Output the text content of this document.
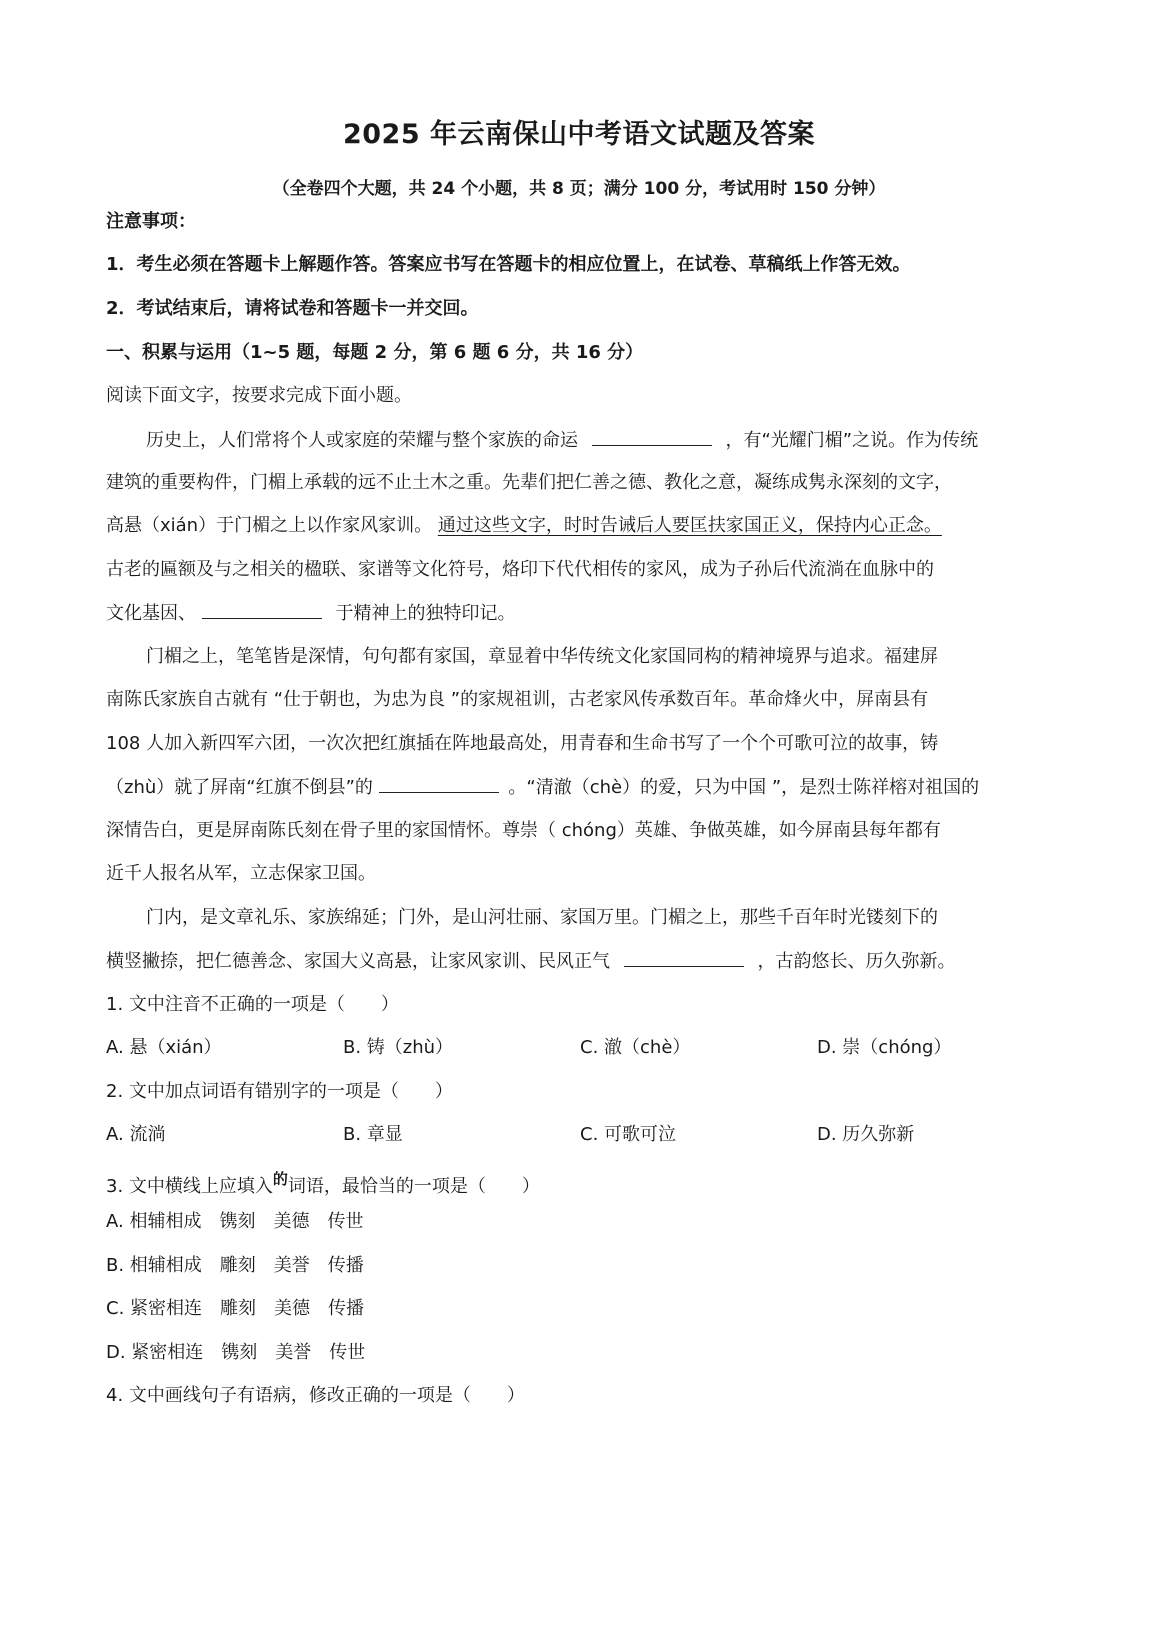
2025 年云南保山中考语文试题及答案
（全卷四个大题，共 24 个小题，共 8 页；满分 100 分，考试用时 150 分钟）
注意事项：
1．考生必须在答题卡上解题作答。答案应书写在答题卡的相应位置上，在试卷、草稿纸上作答无效。
2．考试结束后，请将试卷和答题卡一并交回。
一、积累与运用（1~5 题，每题 2 分，第 6 题 6 分，共 16 分）
阅读下面文字，按要求完成下面小题。
历史上，人们常将个人或家庭的荣耀与整个家族的命运	，有“光耀门楣”之说。作为传统
建筑的重要构件，门楣上承载的远不止土木之重。先辈们把仁善之德、教化之意，凝练成隽永深刻的文字，
高悬（xián）于门楣之上以作家风家训。 通过这些文字，时时告诫后人要匡扶家国正义，保持内心正念。
古老的匾额及与之相关的楹联、家谱等文化符号，烙印下代代相传的家风，成为子孙后代流淌在血脉中的
文化基因、	于精神上的独特印记。
门楣之上，笔笔皆是深情，句句都有家国，章显着中华传统文化家国同构的精神境界与追求。福建屏
南陈氏家族自古就有 “仕于朝也，为忠为良 ”的家规祖训，古老家风传承数百年。革命烽火中，屏南县有
108 人加入新四军六团，一次次把红旗插在阵地最高处，用青春和生命书写了一个个可歌可泣的故事，铸
（zhù）就了屏南“红旗不倒县”的	。“清澈（chè）的爱，只为中国 ”，是烈士陈祥榕对祖国的
深情告白，更是屏南陈氏刻在骨子里的家国情怀。尊崇（ chóng）英雄、争做英雄，如今屏南县每年都有
近千人报名从军，立志保家卫国。
门内，是文章礼乐、家族绵延；门外，是山河壮丽、家国万里。门楣之上，那些千百年时光镂刻下的
横竖撇捺，把仁德善念、家国大义高悬，让家风家训、民风正气	，古韵悠长、历久弥新。
1. 文中注音不正确的一项是（　　）
A. 悬（xián）	B. 铸（zhù）	C. 澈（chè）	D. 崇（chóng）
2. 文中加点词语有错别字的一项是（　　）
A. 流淌	B. 章显	C. 可歌可泣	D. 历久弥新
3. 文中横线上应填入$^的$词语，最恰当的一项是（　　）
A. 相辅相成　镌刻　美德　传世
B. 相辅相成　雕刻　美誉　传播
C. 紧密相连　雕刻　美德　传播
D. 紧密相连　镌刻　美誉　传世
4. 文中画线句子有语病，修改正确的一项是（　　）
